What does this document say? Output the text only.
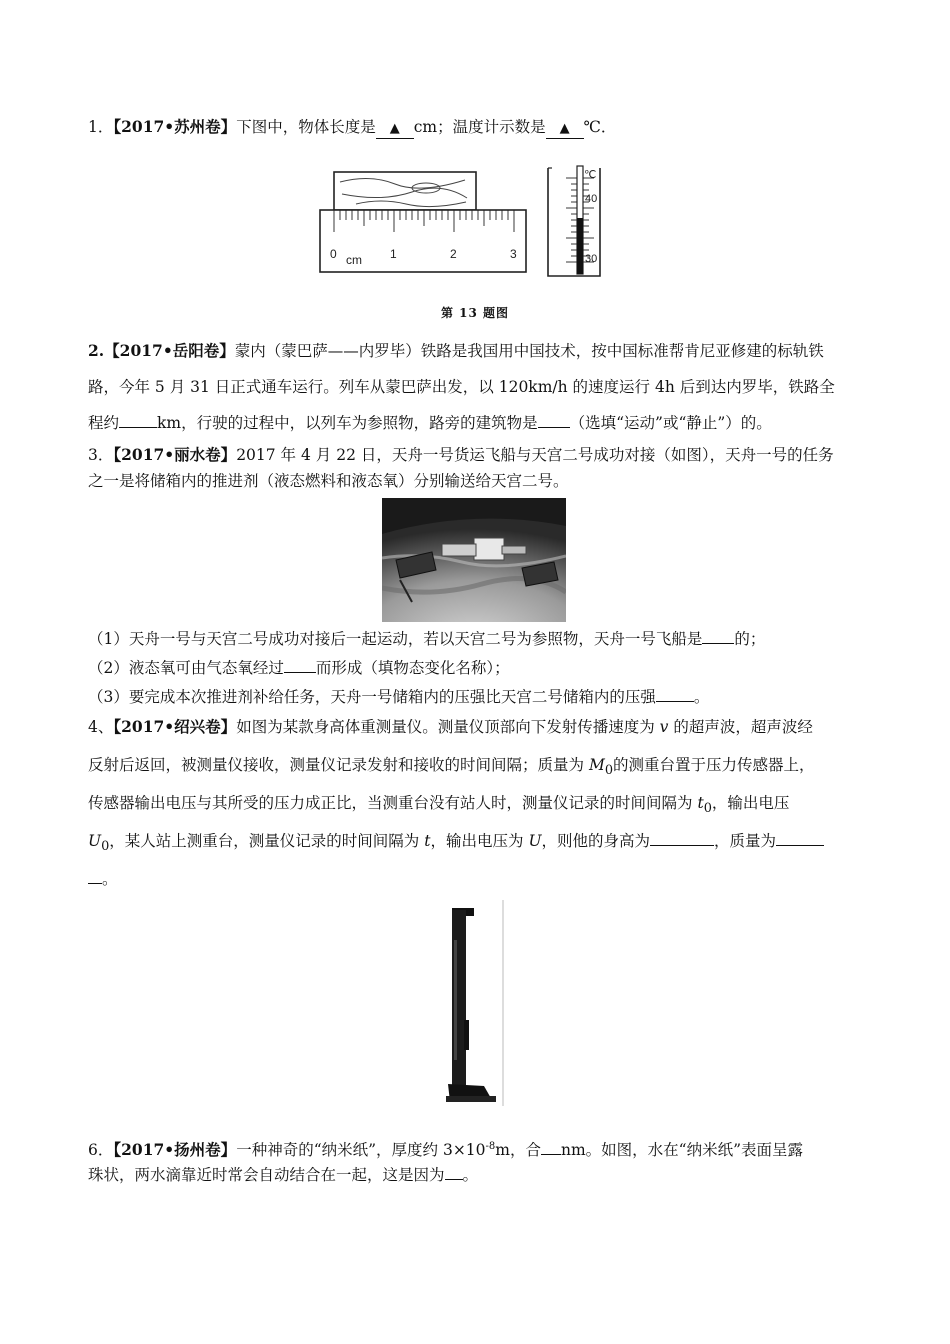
1．【2017•苏州卷】下图中，物体长度是 ▲ cm；温度计示数是 ▲ ℃．
0 cm 1	2	3
℃
40
30
第 13 题图
2.【2017•岳阳卷】蒙内（蒙巴萨——内罗毕）铁路是我国用中国技术，按中国标准帮肯尼亚修建的标轨铁
路，今年 5 月 31 日正式通车运行。列车从蒙巴萨出发，以 120km/h 的速度运行 4h 后到达内罗毕，铁路全
程约 km，行驶的过程中，以列车为参照物，路旁的建筑物是 （选填“运动”或“静止”）的。
3．【2017•丽水卷】2017 年 4 月 22 日，天舟一号货运飞船与天宫二号成功对接（如图），天舟一号的任务
之一是将储箱内的推进剂（液态燃料和液态氧）分别输送给天宫二号。
（1）天舟一号与天宫二号成功对接后一起运动，若以天宫二号为参照物，天舟一号飞船是 的；
（2）液态氧可由气态氧经过 而形成（填物态变化名称）；
（3）要完成本次推进剂补给任务，天舟一号储箱内的压强比天宫二号储箱内的压强 。
4、【2017•绍兴卷】如图为某款身高体重测量仪。测量仪顶部向下发射传播速度为 v 的超声波，超声波经
反射后返回，被测量仪接收，测量仪记录发射和接收的时间间隔；质量为 $M_0$的测重台置于压力传感器上，
传感器输出电压与其所受的压力成正比，当测重台没有站人时，测量仪记录的时间间隔为 $t_0$，输出电压
$U_0$，某人站上测重台，测量仪记录的时间间隔为 t，输出电压为 U，则他的身高为	，质量为
。
6．【2017•扬州卷】一种神奇的“纳米纸”，厚度约 $3\times 10^{-8}m$，合 nm。如图，水在“纳米纸”表面呈露
珠状，两水滴靠近时常会自动结合在一起，这是因为 。
